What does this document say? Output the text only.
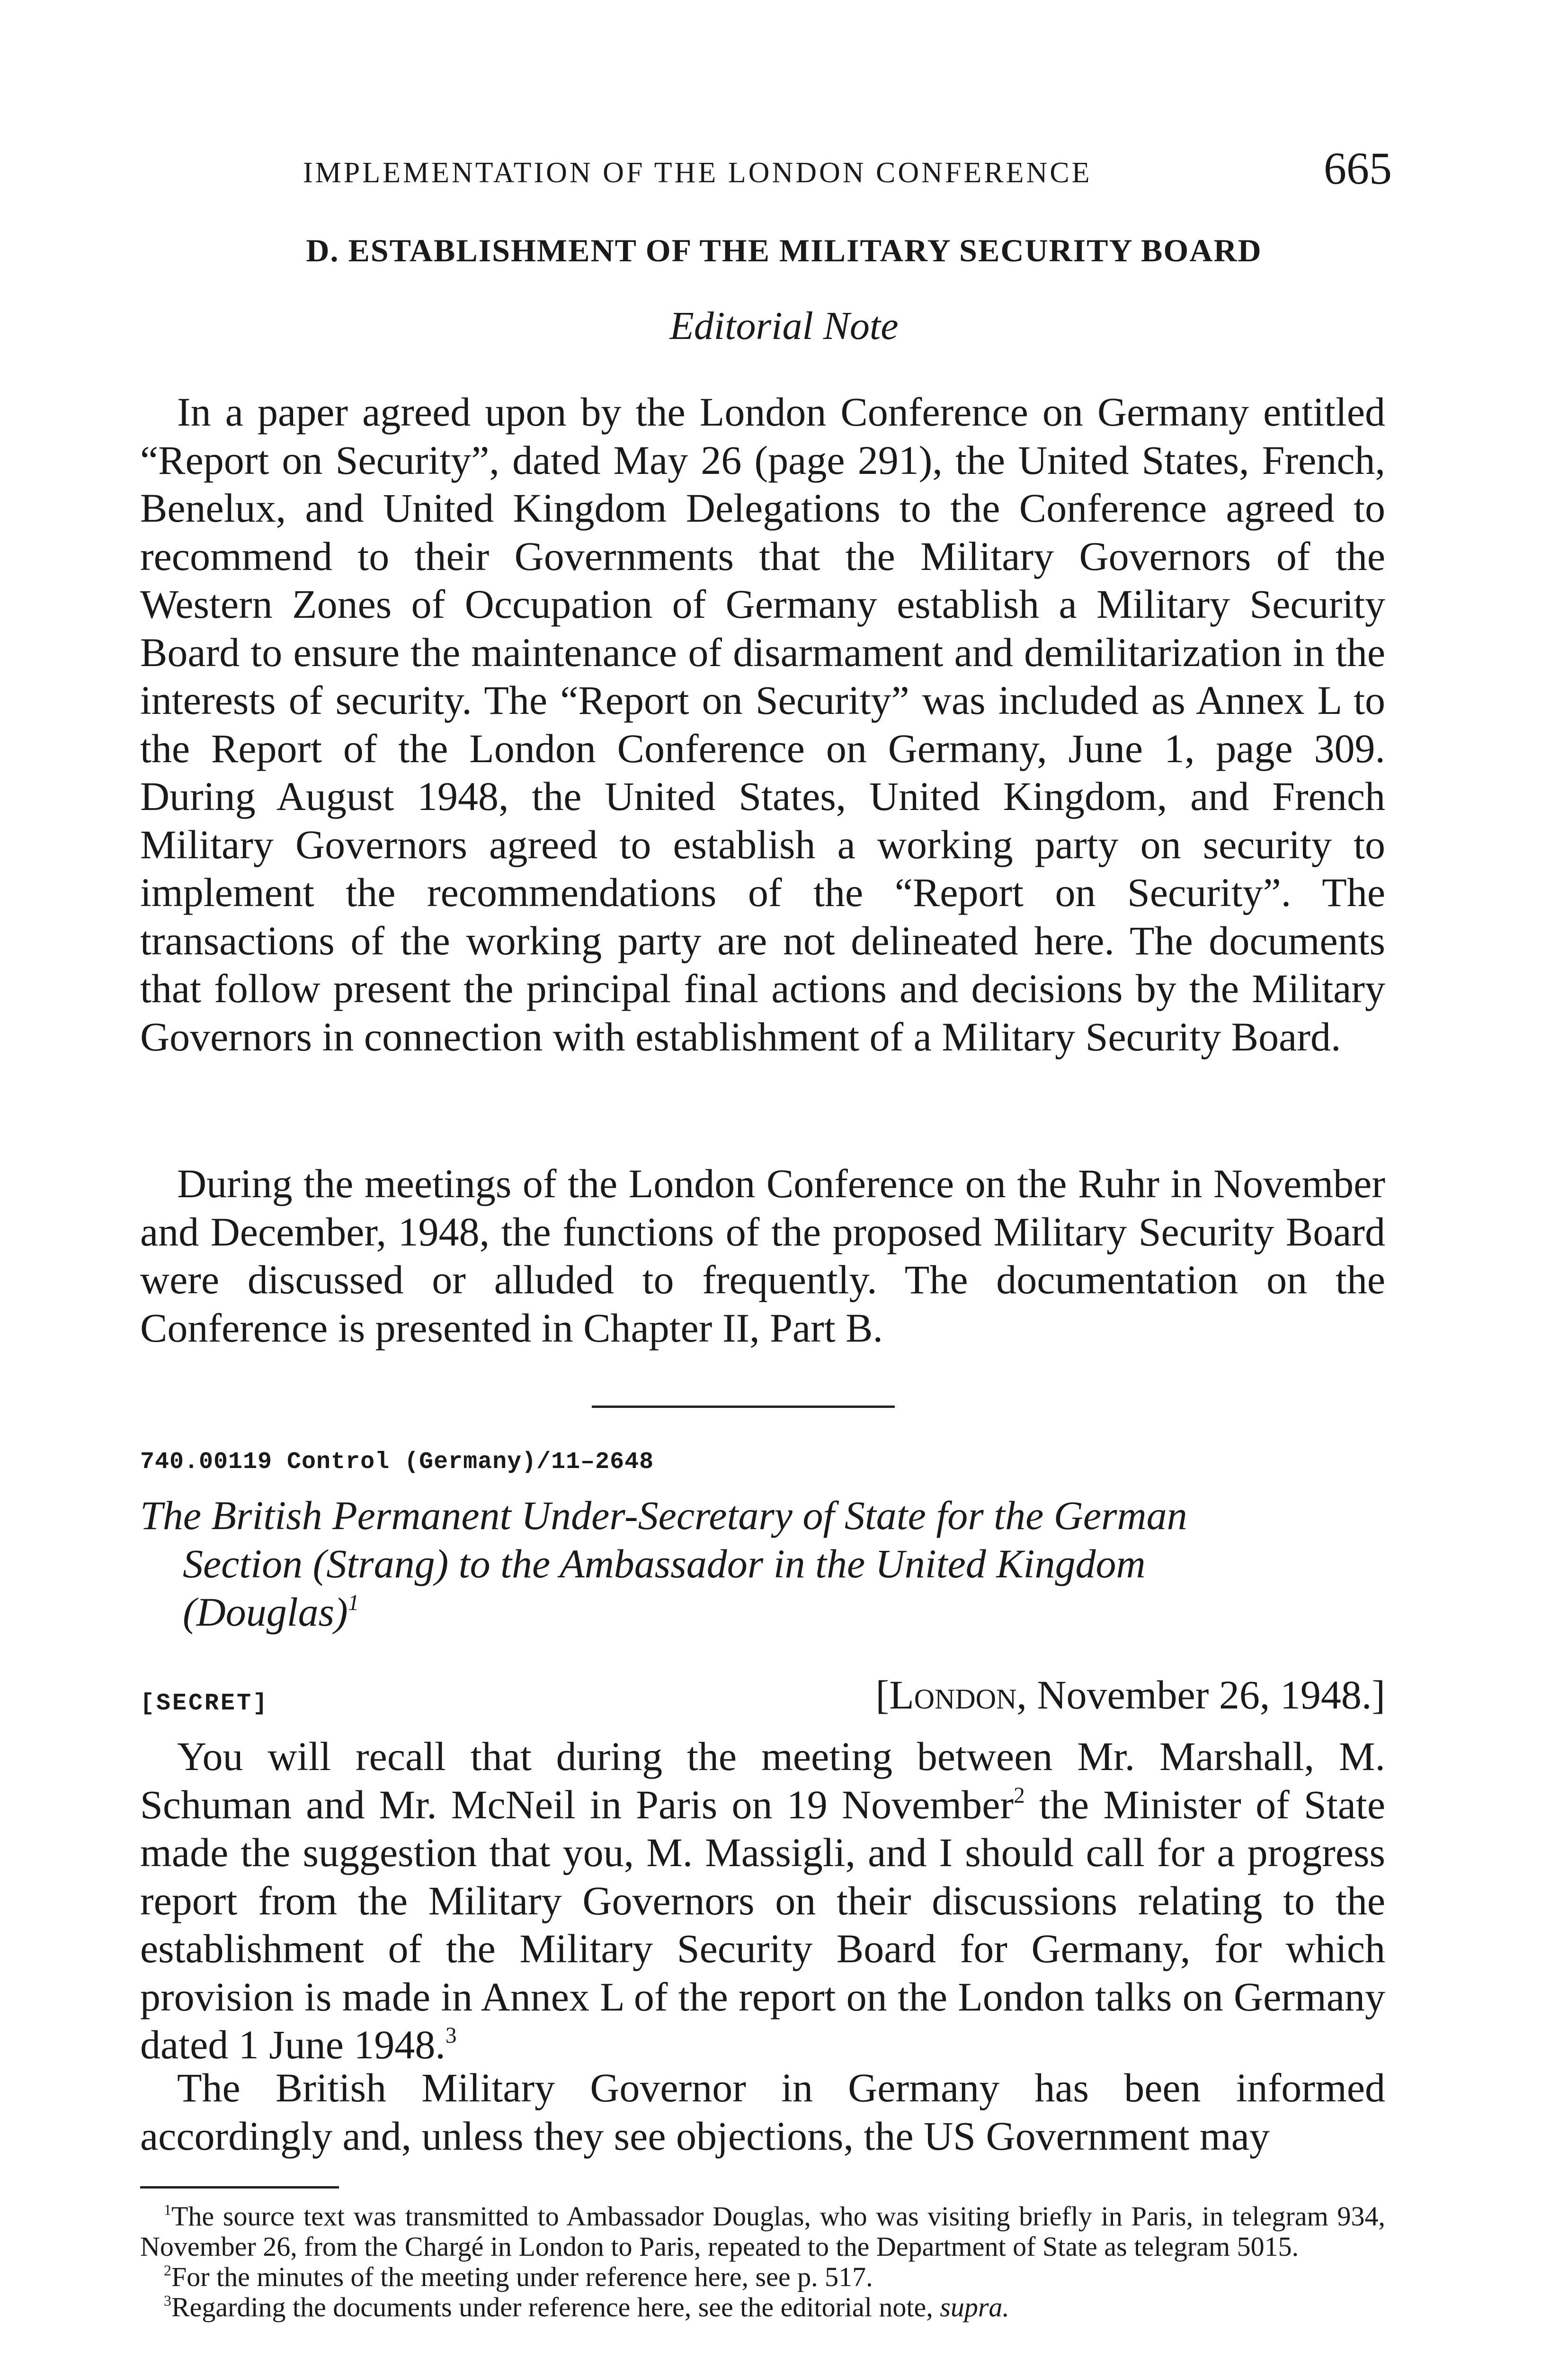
IMPLEMENTATION OF THE LONDON CONFERENCE	665
D. ESTABLISHMENT OF THE MILITARY SECURITY BOARD
Editorial Note

In a paper agreed upon by the London Conference on Germany entitled “Report on Security”, dated May 26 (page 291), the United States, French, Benelux, and United Kingdom Delegations to the Conference agreed to recommend to their Governments that the Military Governors of the Western Zones of Occupation of Germany establish a Military Security Board to ensure the maintenance of disarmament and demilitarization in the interests of security. The “Report on Security” was included as Annex L to the Report of the London Conference on Germany, June 1, page 309. During August 1948, the United States, United Kingdom, and French Military Governors agreed to establish a working party on security to implement the recommendations of the “Report on Security”. The transactions of the working party are not delineated here. The documents that follow present the principal final actions and decisions by the Military Governors in connection with establishment of a Military Security Board.

During the meetings of the London Conference on the Ruhr in November and December, 1948, the functions of the proposed Military Security Board were discussed or alluded to frequently. The documentation on the Conference is presented in Chapter II, Part B.

740.00119 Control (Germany)/11–2648
The British Permanent Under-Secretary of State for the German
Section (Strang) to the Ambassador in the United Kingdom
(Douglas)$^1$
[SECRET]	[London, November 26, 1948.]

You will recall that during the meeting between Mr. Marshall, M. Schuman and Mr. McNeil in Paris on 19 November$^2$ the Minister of State made the suggestion that you, M. Massigli, and I should call for a progress report from the Military Governors on their discussions relating to the establishment of the Military Security Board for Germany, for which provision is made in Annex L of the report on the London talks on Germany dated 1 June 1948.$^3$

The British Military Governor in Germany has been informed accordingly and, unless they see objections, the US Government may

$^1$The source text was transmitted to Ambassador Douglas, who was visiting briefly in Paris, in telegram 934, November 26, from the Chargé in London to Paris, repeated to the Department of State as telegram 5015.

$^2$For the minutes of the meeting under reference here, see p. 517.

$^3$Regarding the documents under reference here, see the editorial note, supra.
